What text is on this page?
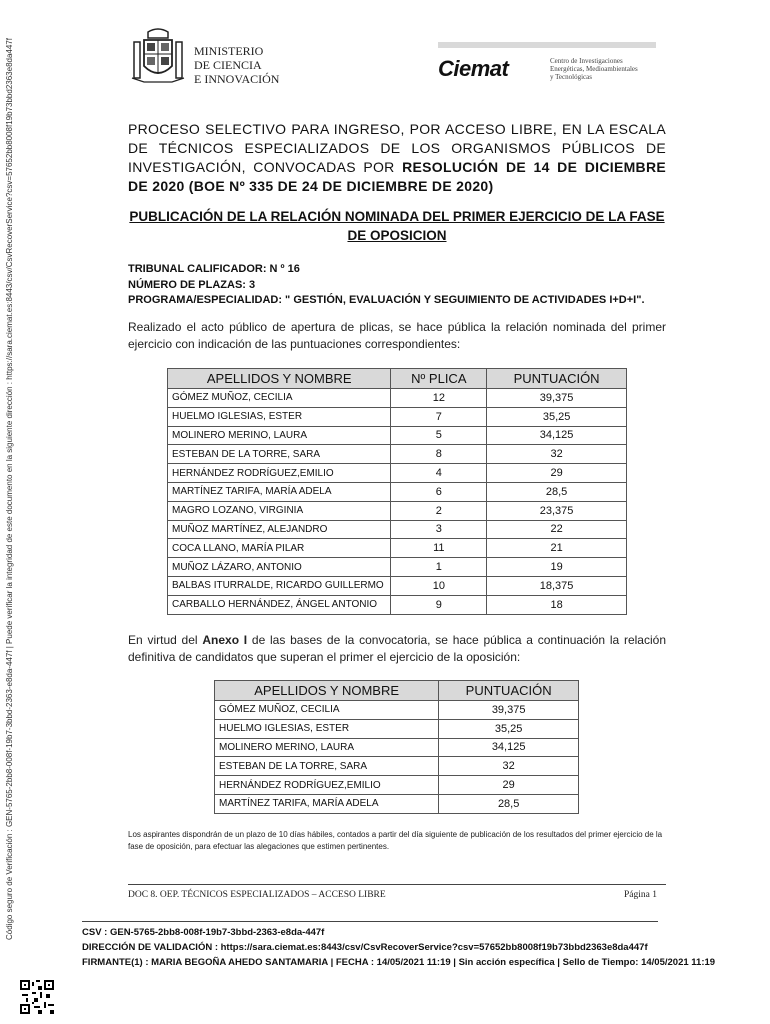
Código seguro de Verificación : GEN-5765-2bb8-008f-19b7-3bbd-2363-e8da-447f | Puede verificar la integridad de este documento en la siguiente dirección : https://sara.ciemat.es:8443/csv/CsvRecoverService?csv=57652bb8008f19b73bbd2363e8da447f	MINISTERIO
DE CIENCIA
E INNOVACIÓN	Ciemat	Centro de Investigaciones
Energéticas, Medioambientales
y Tecnológicas
PROCESO SELECTIVO PARA INGRESO, POR ACCESO LIBRE, EN LA ESCALA DE TÉCNICOS ESPECIALIZADOS DE LOS ORGANISMOS PÚBLICOS DE INVESTIGACIÓN, CONVOCADAS POR RESOLUCIÓN DE 14 DE DICIEMBRE DE 2020 (BOE Nº 335 DE 24 DE DICIEMBRE DE 2020)
PUBLICACIÓN DE LA RELACIÓN NOMINADA DEL PRIMER EJERCICIO DE LA FASE DE OPOSICION
TRIBUNAL CALIFICADOR: N º 16
NÚMERO DE PLAZAS: 3
PROGRAMA/ESPECIALIDAD: " GESTIÓN, EVALUACIÓN Y SEGUIMIENTO DE ACTIVIDADES I+D+I".
Realizado el acto público de apertura de plicas, se hace pública la relación nominada del primer ejercicio con indicación de las puntuaciones correspondientes:
APELLIDOS Y NOMBRE	Nº PLICA	PUNTUACIÓN
GÓMEZ MUÑOZ, CECILIA	12	39,375
HUELMO IGLESIAS, ESTER	7	35,25
MOLINERO MERINO, LAURA	5	34,125
ESTEBAN DE LA TORRE, SARA	8	32
HERNÁNDEZ RODRÍGUEZ,EMILIO	4	29
MARTÍNEZ TARIFA, MARÍA ADELA	6	28,5
MAGRO LOZANO, VIRGINIA	2	23,375
MUÑOZ MARTÍNEZ, ALEJANDRO	3	22
COCA LLANO, MARÍA PILAR	11	21
MUÑOZ LÁZARO, ANTONIO	1	19
BALBAS ITURRALDE, RICARDO GUILLERMO	10	18,375
CARBALLO HERNÁNDEZ, ÁNGEL ANTONIO	9	18
En virtud del Anexo I de las bases de la convocatoria, se hace pública a continuación la relación definitiva de candidatos que superan el primer el ejercicio de la oposición:
APELLIDOS Y NOMBRE	PUNTUACIÓN
GÓMEZ MUÑOZ, CECILIA	39,375
HUELMO IGLESIAS, ESTER	35,25
MOLINERO MERINO, LAURA	34,125
ESTEBAN DE LA TORRE, SARA	32
HERNÁNDEZ RODRÍGUEZ,EMILIO	29
MARTÍNEZ TARIFA, MARÍA ADELA	28,5
Los aspirantes dispondrán de un plazo de 10 días hábiles, contados a partir del día siguiente de publicación de los resultados del primer ejercicio de la fase de oposición, para efectuar las alegaciones que estimen pertinentes.
DOC 8. OEP. TÉCNICOS ESPECIALIZADOS – ACCESO LIBRE	Página 1
CSV : GEN-5765-2bb8-008f-19b7-3bbd-2363-e8da-447f
DIRECCIÓN DE VALIDACIÓN : https://sara.ciemat.es:8443/csv/CsvRecoverService?csv=57652bb8008f19b73bbd2363e8da447f
FIRMANTE(1) : MARIA BEGOÑA AHEDO SANTAMARIA | FECHA : 14/05/2021 11:19 | Sin acción específica | Sello de Tiempo: 14/05/2021 11:19
